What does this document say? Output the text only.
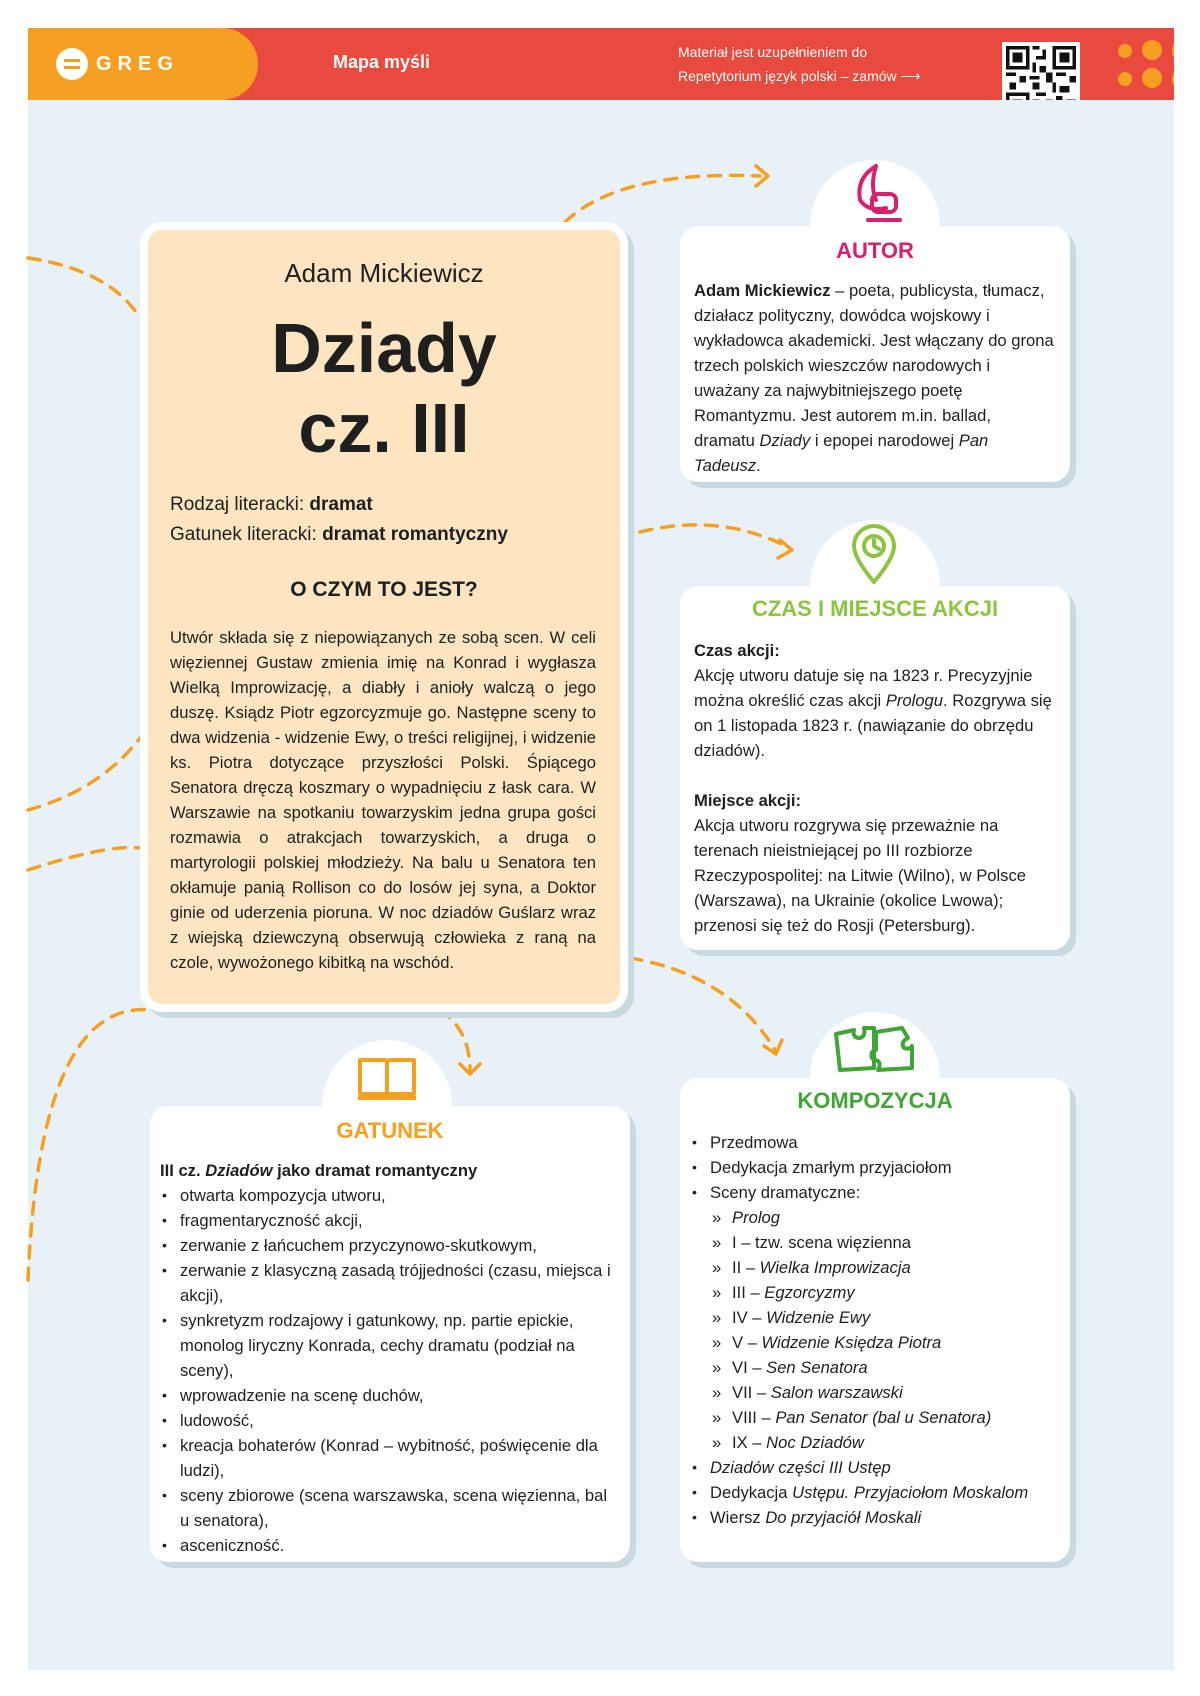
GREG	Mapa myśli	Materiał jest uzupełnieniem do
Repetytorium język polski – zamów ⟶
Adam Mickiewicz
Dziady
cz. III
Rodzaj literacki: dramat
Gatunek literacki: dramat romantyczny
O CZYM TO JEST?
Utwór składa się z niepowiązanych ze sobą scen. W celi więziennej Gustaw zmienia imię na Konrad i wygłasza Wielką Improwizację, a diabły i anioły walczą o jego duszę. Ksiądz Piotr egzorcyzmuje go. Następne sceny to dwa widzenia - widzenie Ewy, o treści religijnej, i widzenie ks. Piotra dotyczące przyszłości Polski. Śpiącego Senatora dręczą koszmary o wypadnięciu z łask cara. W Warszawie na spotkaniu towarzyskim jedna grupa gości rozmawia o atrakcjach towarzyskich, a druga o martyrologii polskiej młodzieży. Na balu u Senatora ten okłamuje panią Rollison co do losów jej syna, a Doktor ginie od uderzenia pioruna. W noc dziadów Guślarz wraz z wiejską dziewczyną obserwują człowieka z raną na czole, wywożonego kibitką na wschód.
AUTOR
Adam Mickiewicz – poeta, publicysta, tłumacz, działacz polityczny, dowódca wojskowy i wykładowca akademicki. Jest włączany do grona trzech polskich wieszczów narodowych i uważany za najwybitniejszego poetę Romantyzmu. Jest autorem m.in. ballad, dramatu Dziady i epopei narodowej Pan Tadeusz.
CZAS I MIEJSCE AKCJI
Czas akcji:
Akcję utworu datuje się na 1823 r. Precyzyjnie można określić czas akcji Prologu. Rozgrywa się on 1 listopada 1823 r. (nawiązanie do obrzędu dziadów).
Miejsce akcji:
Akcja utworu rozgrywa się przeważnie na terenach nieistniejącej po III rozbiorze Rzeczypospolitej: na Litwie (Wilno), w Polsce (Warszawa), na Ukrainie (okolice Lwowa); przenosi się też do Rosji (Petersburg).
GATUNEK
III cz. Dziadów jako dramat romantyczny
• otwarta kompozycja utworu,
• fragmentaryczność akcji,
• zerwanie z łańcuchem przyczynowo-skutkowym,
• zerwanie z klasyczną zasadą trójjedności (czasu, miejsca i akcji),
• synkretyzm rodzajowy i gatunkowy, np. partie epickie, monolog liryczny Konrada, cechy dramatu (podział na sceny),
• wprowadzenie na scenę duchów,
• ludowość,
• kreacja bohaterów (Konrad – wybitność, poświęcenie dla ludzi),
• sceny zbiorowe (scena warszawska, scena więzienna, bal u senatora),
• asceniczność.
KOMPOZYCJA
• Przedmowa
• Dedykacja zmarłym przyjaciołom
• Sceny dramatyczne:
» Prolog
» I – tzw. scena więzienna
» II – Wielka Improwizacja
» III – Egzorcyzmy
» IV – Widzenie Ewy
» V – Widzenie Księdza Piotra
» VI – Sen Senatora
» VII – Salon warszawski
» VIII – Pan Senator (bal u Senatora)
» IX – Noc Dziadów
• Dziadów części III Ustęp
• Dedykacja Ustępu. Przyjaciołom Moskalom
• Wiersz Do przyjaciół Moskali
